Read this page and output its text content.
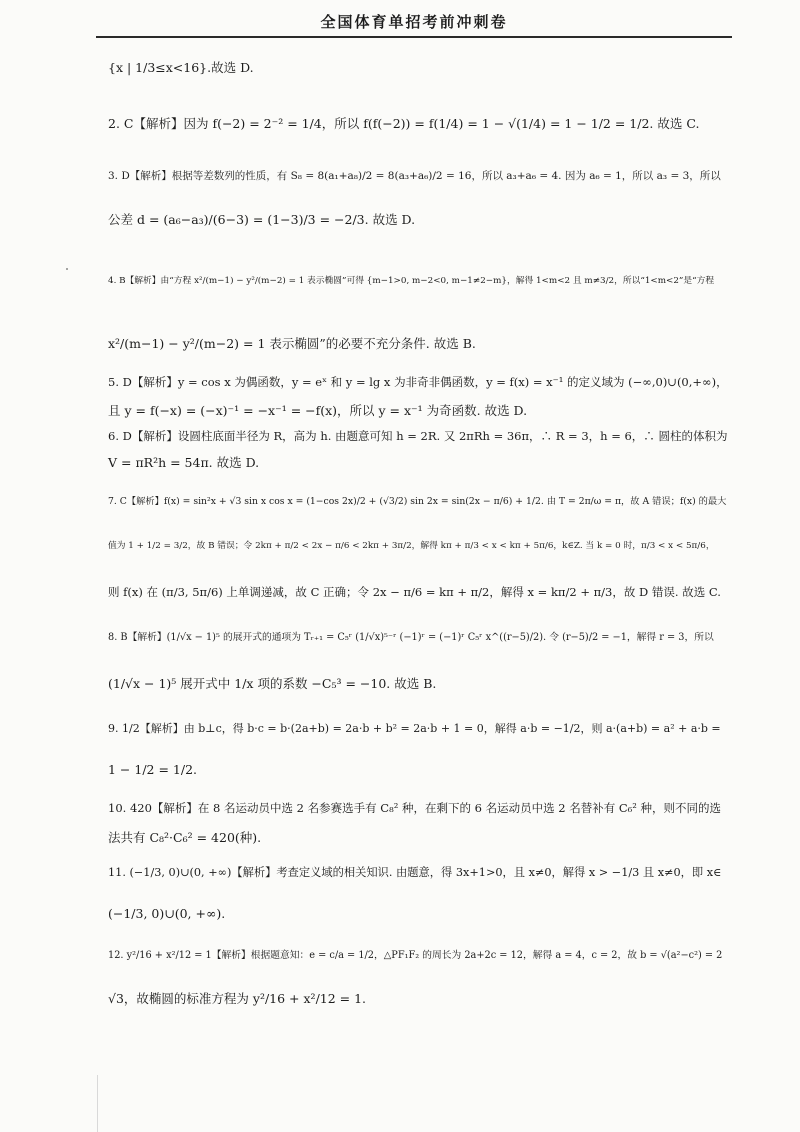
全国体育单招考前冲刺卷
{x | 1/3≤x<16}.故选 D.
2. C【解析】因为 f(−2) = 2⁻² = 1/4，所以 f(f(−2)) = f(1/4) = 1 − √(1/4) = 1 − 1/2 = 1/2. 故选 C.
3. D【解析】根据等差数列的性质，有 S₈ = 8(a₁+a₈)/2 = 8(a₃+a₆)/2 = 16，所以 a₃+a₆ = 4. 因为 a₆ = 1，所以 a₃ = 3，所以
公差 d = (a₆−a₃)/(6−3) = (1−3)/3 = −2/3. 故选 D.
4. B【解析】由“方程 x²/(m−1) − y²/(m−2) = 1 表示椭圆”可得 {m−1>0, m−2<0, m−1≠2−m}，解得 1<m<2 且 m≠3/2，所以“1<m<2”是“方程
x²/(m−1) − y²/(m−2) = 1 表示椭圆”的必要不充分条件. 故选 B.
5. D【解析】y = cos x 为偶函数，y = eˣ 和 y = lg x 为非奇非偶函数，y = f(x) = x⁻¹ 的定义域为 (−∞,0)∪(0,+∞)，
且 y = f(−x) = (−x)⁻¹ = −x⁻¹ = −f(x)，所以 y = x⁻¹ 为奇函数. 故选 D.
6. D【解析】设圆柱底面半径为 R，高为 h. 由题意可知 h = 2R. 又 2πRh = 36π，∴ R = 3，h = 6，∴ 圆柱的体积为
V = πR²h = 54π. 故选 D.
7. C【解析】f(x) = sin²x + √3 sin x cos x = (1−cos 2x)/2 + (√3/2) sin 2x = sin(2x − π/6) + 1/2. 由 T = 2π/ω = π，故 A 错误；f(x) 的最大
值为 1 + 1/2 = 3/2，故 B 错误；令 2kπ + π/2 < 2x − π/6 < 2kπ + 3π/2，解得 kπ + π/3 < x < kπ + 5π/6，k∈Z. 当 k = 0 时，π/3 < x < 5π/6，
则 f(x) 在 (π/3, 5π/6) 上单调递减，故 C 正确；令 2x − π/6 = kπ + π/2，解得 x = kπ/2 + π/3，故 D 错误. 故选 C.
8. B【解析】(1/√x − 1)⁵ 的展开式的通项为 Tᵣ₊₁ = C₅ʳ (1/√x)⁵⁻ʳ (−1)ʳ = (−1)ʳ C₅ʳ x^((r−5)/2). 令 (r−5)/2 = −1，解得 r = 3，所以
(1/√x − 1)⁵ 展开式中 1/x 项的系数 −C₅³ = −10. 故选 B.
9. 1/2【解析】由 b⊥c，得 b·c = b·(2a+b) = 2a·b + b² = 2a·b + 1 = 0，解得 a·b = −1/2，则 a·(a+b) = a² + a·b =
1 − 1/2 = 1/2.
10. 420【解析】在 8 名运动员中选 2 名参赛选手有 C₈² 种，在剩下的 6 名运动员中选 2 名替补有 C₆² 种，则不同的选
法共有 C₈²·C₆² = 420(种).
11. (−1/3, 0)∪(0, +∞)【解析】考查定义域的相关知识. 由题意，得 3x+1>0，且 x≠0，解得 x > −1/3 且 x≠0，即 x∈
(−1/3, 0)∪(0, +∞).
12. y²/16 + x²/12 = 1【解析】根据题意知：e = c/a = 1/2，△PF₁F₂ 的周长为 2a+2c = 12，解得 a = 4，c = 2，故 b = √(a²−c²) = 2
√3，故椭圆的标准方程为 y²/16 + x²/12 = 1.
